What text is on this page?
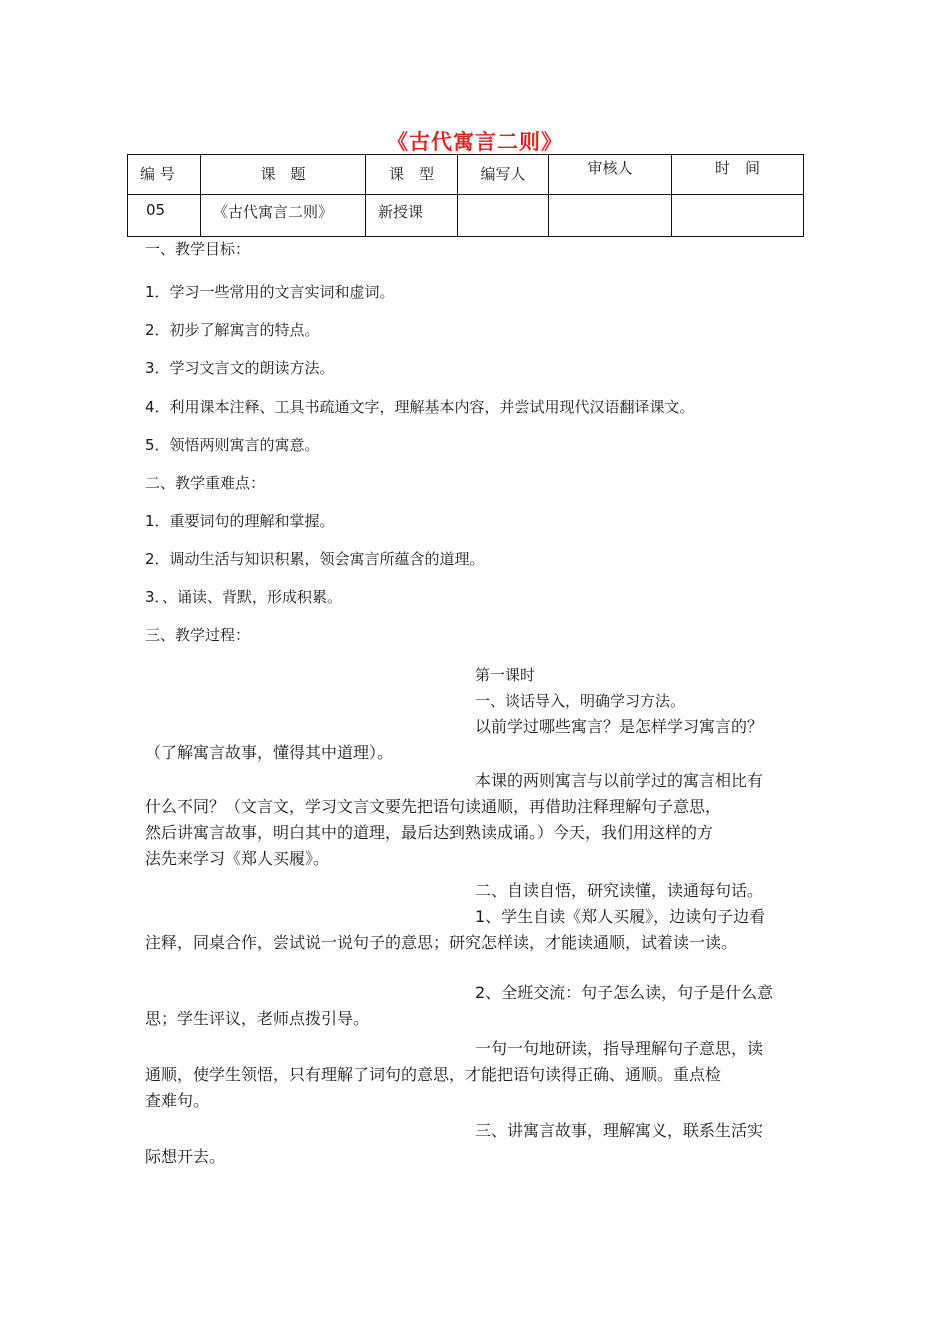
《古代寓言二则》
编 号	课　题	课　型	编写人	审核人	时　间
05	《古代寓言二则》	新授课			
一、教学目标：
1．学习一些常用的文言实词和虚词。
2．初步了解寓言的特点。
3．学习文言文的朗读方法。
4．利用课本注释、工具书疏通文字，理解基本内容，并尝试用现代汉语翻译课文。
5．领悟两则寓言的寓意。
二、教学重难点：
1．重要词句的理解和掌握。
2．调动生活与知识积累，领会寓言所蕴含的道理。
3．、诵读、背默，形成积累。
三、教学过程：

第一课时

一、谈话导入，明确学习方法。

以前学过哪些寓言？是怎样学习寓言的？

（了解寓言故事，懂得其中道理）。

本课的两则寓言与以前学过的寓言相比有

什么不同？（文言文，学习文言文要先把语句读通顺，再借助注释理解句子意思，

然后讲寓言故事，明白其中的道理，最后达到熟读成诵。）今天，我们用这样的方

法先来学习《郑人买履》。

二、自读自悟，研究读懂，读通每句话。

1、学生自读《郑人买履》，边读句子边看

注释，同桌合作，尝试说一说句子的意思；研究怎样读，才能读通顺，试着读一读。

2、全班交流：句子怎么读，句子是什么意

思；学生评议，老师点拨引导。

一句一句地研读，指导理解句子意思，读

通顺，使学生领悟，只有理解了词句的意思，才能把语句读得正确、通顺。重点检

查难句。

三、讲寓言故事，理解寓义，联系生活实

际想开去。
